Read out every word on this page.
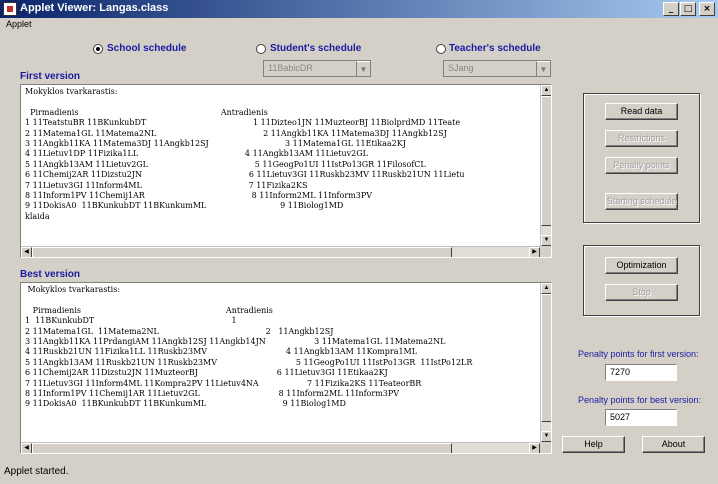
Applet Viewer: Langas.class	_	□	×
Applet
School schedule	Student's schedule	Teacher's schedule
11BabicDR	▼	SJang	▼
First version
Mokyklos tvarkarastis:

Pirmadienis                                                        Antradienis
1 11TeatstuBR 11BKunkubDT                                          1 11Dizteo1JN 11MuzteorBJ 11BiolprdMD 11Teate
2 11Matema1GL 11Matema2NL                                          2 11Angkb11KA 11Matema3DJ 11Angkb12SJ
3 11Angkb11KA 11Matema3DJ 11Angkb12SJ                              3 11Matema1GL 11Etikaa2KJ
4 11Lietuv1DP 11Fizika1LL                                          4 11Angkb13AM 11Lietuv2GL
5 11Angkb13AM 11Lietuv2GL                                          5 11GeogPo1UI 11IstPo13GR 11FilosofCL
6 11Chemij2AR 11Dizstu2JN                                          6 11Lietuv3GI 11Ruskb23MV 11Ruskb21UN 11Lietu
7 11Lietuv3GI 11Inform4ML                                          7 11Fizika2KS
8 11Inform1PV 11Chemij1AR                                          8 11Inform2ML 11Inform3PV
9 11DokisA0  11BKunkubDT 11BKunkumML                             9 11Biolog1MD
klaida
▲
▼
◀	▶
Best version
Mokyklos tvarkarastis:

Pirmadienis                                                         Antradienis
1  11BKunkubDT                                                      1
2 11Matema1GL  11Matema2NL                                          2   11Angkb12SJ
3 11Angkb11KA 11PrdangiAM 11Angkb12SJ 11Angkb14JN                   3 11Matema1GL 11Matema2NL
4 11Ruskb21UN 11Fizika1LL 11Ruskb23MV                               4 11Angkb13AM 11Kompra1ML
5 11Angkb13AM 11Ruskb21UN 11Ruskb23MV                               5 11GeogPo1UI 11IstPo13GR  11IstPo12LR
6 11Chemij2AR 11Dizstu2JN 11MuzteorBJ                               6 11Lietuv3GI 11Etikaa2KJ
7 11Lietuv3GI 11Inform4ML 11Kompra2PV 11Lietuv4NA                   7 11Fizika2KS 11TeateorBR
8 11Inform1PV 11Chemij1AR 11Lietuv2GL                               8 11Inform2ML 11Inform3PV
9 11DokisA0  11BKunkubDT 11BKunkumML                              9 11Biolog1MD
▲
▼
◀	▶
Read data
Restrictions
Penalty points
Starting schedule
Optimization
Stop
Penalty points for first version:
7270
Penalty points for best version:
5027
Help	About
Applet started.
